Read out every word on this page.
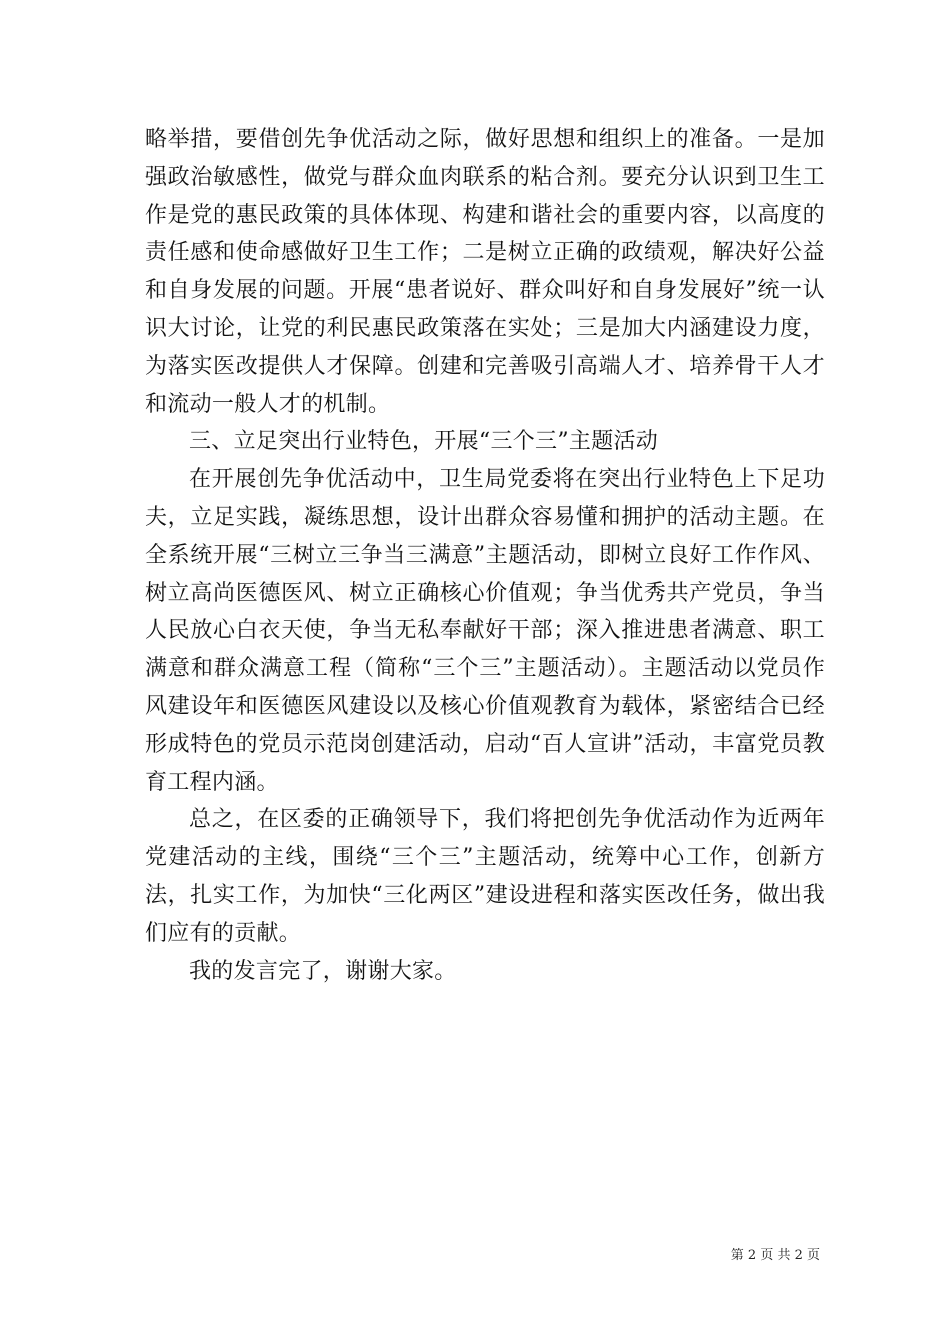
略举措，要借创先争优活动之际，做好思想和组织上的准备。一是加强政治敏感性，做党与群众血肉联系的粘合剂。要充分认识到卫生工作是党的惠民政策的具体体现、构建和谐社会的重要内容，以高度的责任感和使命感做好卫生工作；二是树立正确的政绩观，解决好公益和自身发展的问题。开展“患者说好、群众叫好和自身发展好”统一认识大讨论，让党的利民惠民政策落在实处；三是加大内涵建设力度，为落实医改提供人才保障。创建和完善吸引高端人才、培养骨干人才和流动一般人才的机制。

三、立足突出行业特色，开展“三个三”主题活动

在开展创先争优活动中，卫生局党委将在突出行业特色上下足功夫，立足实践，凝练思想，设计出群众容易懂和拥护的活动主题。在全系统开展“三树立三争当三满意”主题活动，即树立良好工作作风、树立高尚医德医风、树立正确核心价值观；争当优秀共产党员，争当人民放心白衣天使，争当无私奉献好干部；深入推进患者满意、职工满意和群众满意工程（简称“三个三”主题活动）。主题活动以党员作风建设年和医德医风建设以及核心价值观教育为载体，紧密结合已经形成特色的党员示范岗创建活动，启动“百人宣讲”活动，丰富党员教育工程内涵。

总之，在区委的正确领导下，我们将把创先争优活动作为近两年党建活动的主线，围绕“三个三”主题活动，统筹中心工作，创新方法，扎实工作，为加快“三化两区”建设进程和落实医改任务，做出我们应有的贡献。

我的发言完了，谢谢大家。

第 2 页 共 2 页
